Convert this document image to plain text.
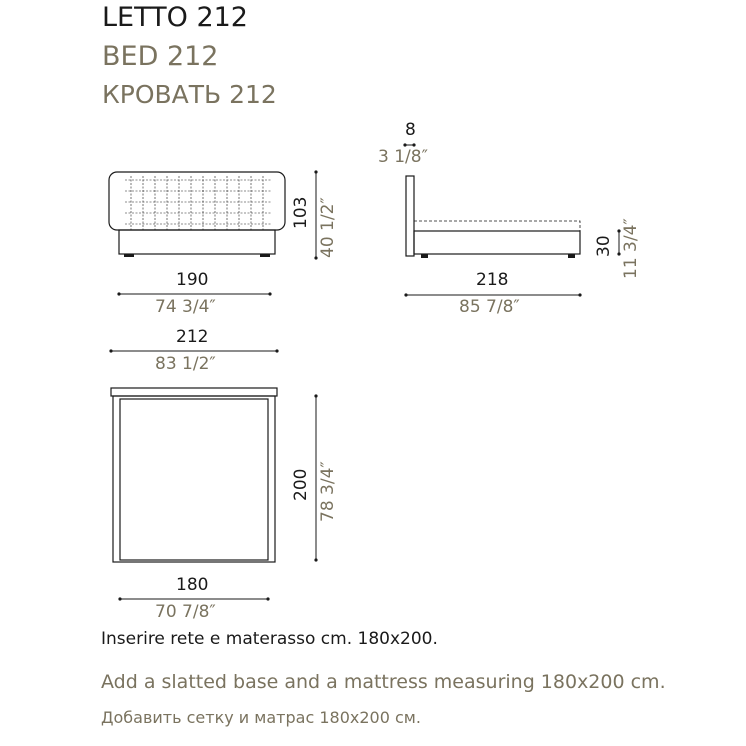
LETTO 212
BED 212
КРОВАТЬ 212
190
74 3/4″
103 40 1/2″
8
3 1/8″
218
85 7/8″
30 11 3/4″
212
83 1/2″
200 78 3/4″
180
70 7/8″
Inserire rete e materasso cm. 180x200.
Add a slatted base and a mattress measuring 180x200 cm.
Добавить сетку и матрас 180x200 см.
